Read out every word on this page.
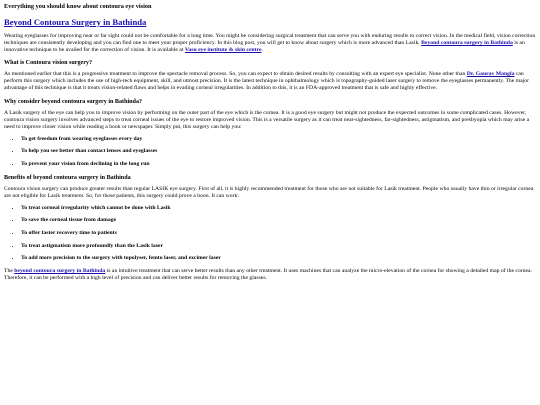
Everything you should know about contoura eye vision
Beyond Contoura Surgery in Bathinda

Wearing eyeglasses for improving near or far sight could not be comfortable for a long time. You might be considering surgical treatment that can serve you with enduring results to correct vision. In the medical field, vision correction techniques are consistently developing and you can find one to meet your proper proficiency. In this blog post, you will get to know about surgery which is more advanced than Lasik. Beyond contoura surgery in Bathinda is an innovative technique to be availed for the correction of vision. It is available at Vasu eye institute & skin centre.

What is Contoura vision surgery?

As mentioned earlier that this is a progressive treatment to improve the spectacle removal process. So, you can expect to obtain desired results by consulting with an expert eye specialist. None other than Dr. Gaurav Mangla can perform this surgery which includes the use of high-tech equipment, skill, and utmost precision. It is the latest technique in ophthalmology which is topography-guided laser surgery to remove the eyeglasses permanently. The major advantage of this technique is that it treats vision-related flaws and helps in evading corneal irregularities. In addition to this, it is an FDA-approved treatment that is safe and highly effective.

Why consider beyond contoura surgery in Bathinda?

A Lasik surgery of the eye can help you to improve vision by performing on the outer part of the eye which is the cornea. It is a good eye surgery but might not produce the expected outcomes in some complicated cases. However, contoura vision surgery involves advanced steps to treat corneal issues of the eye to restore improved vision. This is a versatile surgery as it can treat near-sightedness, far-sightedness, astigmatism, and presbyopia which may arise a need to improve closer vision while reading a book or newspaper. Simply put, this surgery can help you:

• To get freedom from wearing eyeglasses every day
• To help you see better than contact lenses and eyeglasses
• To prevent your vision from declining in the long run
Benefits of beyond contoura surgery in Bathinda

Contoura vision surgery can produce greater results than regular LASIK eye surgery. First of all, it is highly recommended treatment for those who are not suitable for Lasik treatment. People who usually have thin or irregular cornea are not eligible for Lasik treatment. So, for those patients, this surgery could prove a boon. It can work:

• To treat corneal irregularity which cannot be done with Lasik
• To save the corneal tissue from damage
• To offer faster recovery time to patients
• To treat astigmatism more profoundly than the Lasik laser
• To add more precision to the surgery with topolyser, femto laser, and excimer laser

The beyond contoura surgery in Bathinda is an intuitive treatment that can serve better results than any other treatment. It uses machines that can analyze the micro-elevation of the cornea for showing a detailed map of the cornea. Therefore, it can be performed with a high level of precision and can deliver better results for removing the glasses.
